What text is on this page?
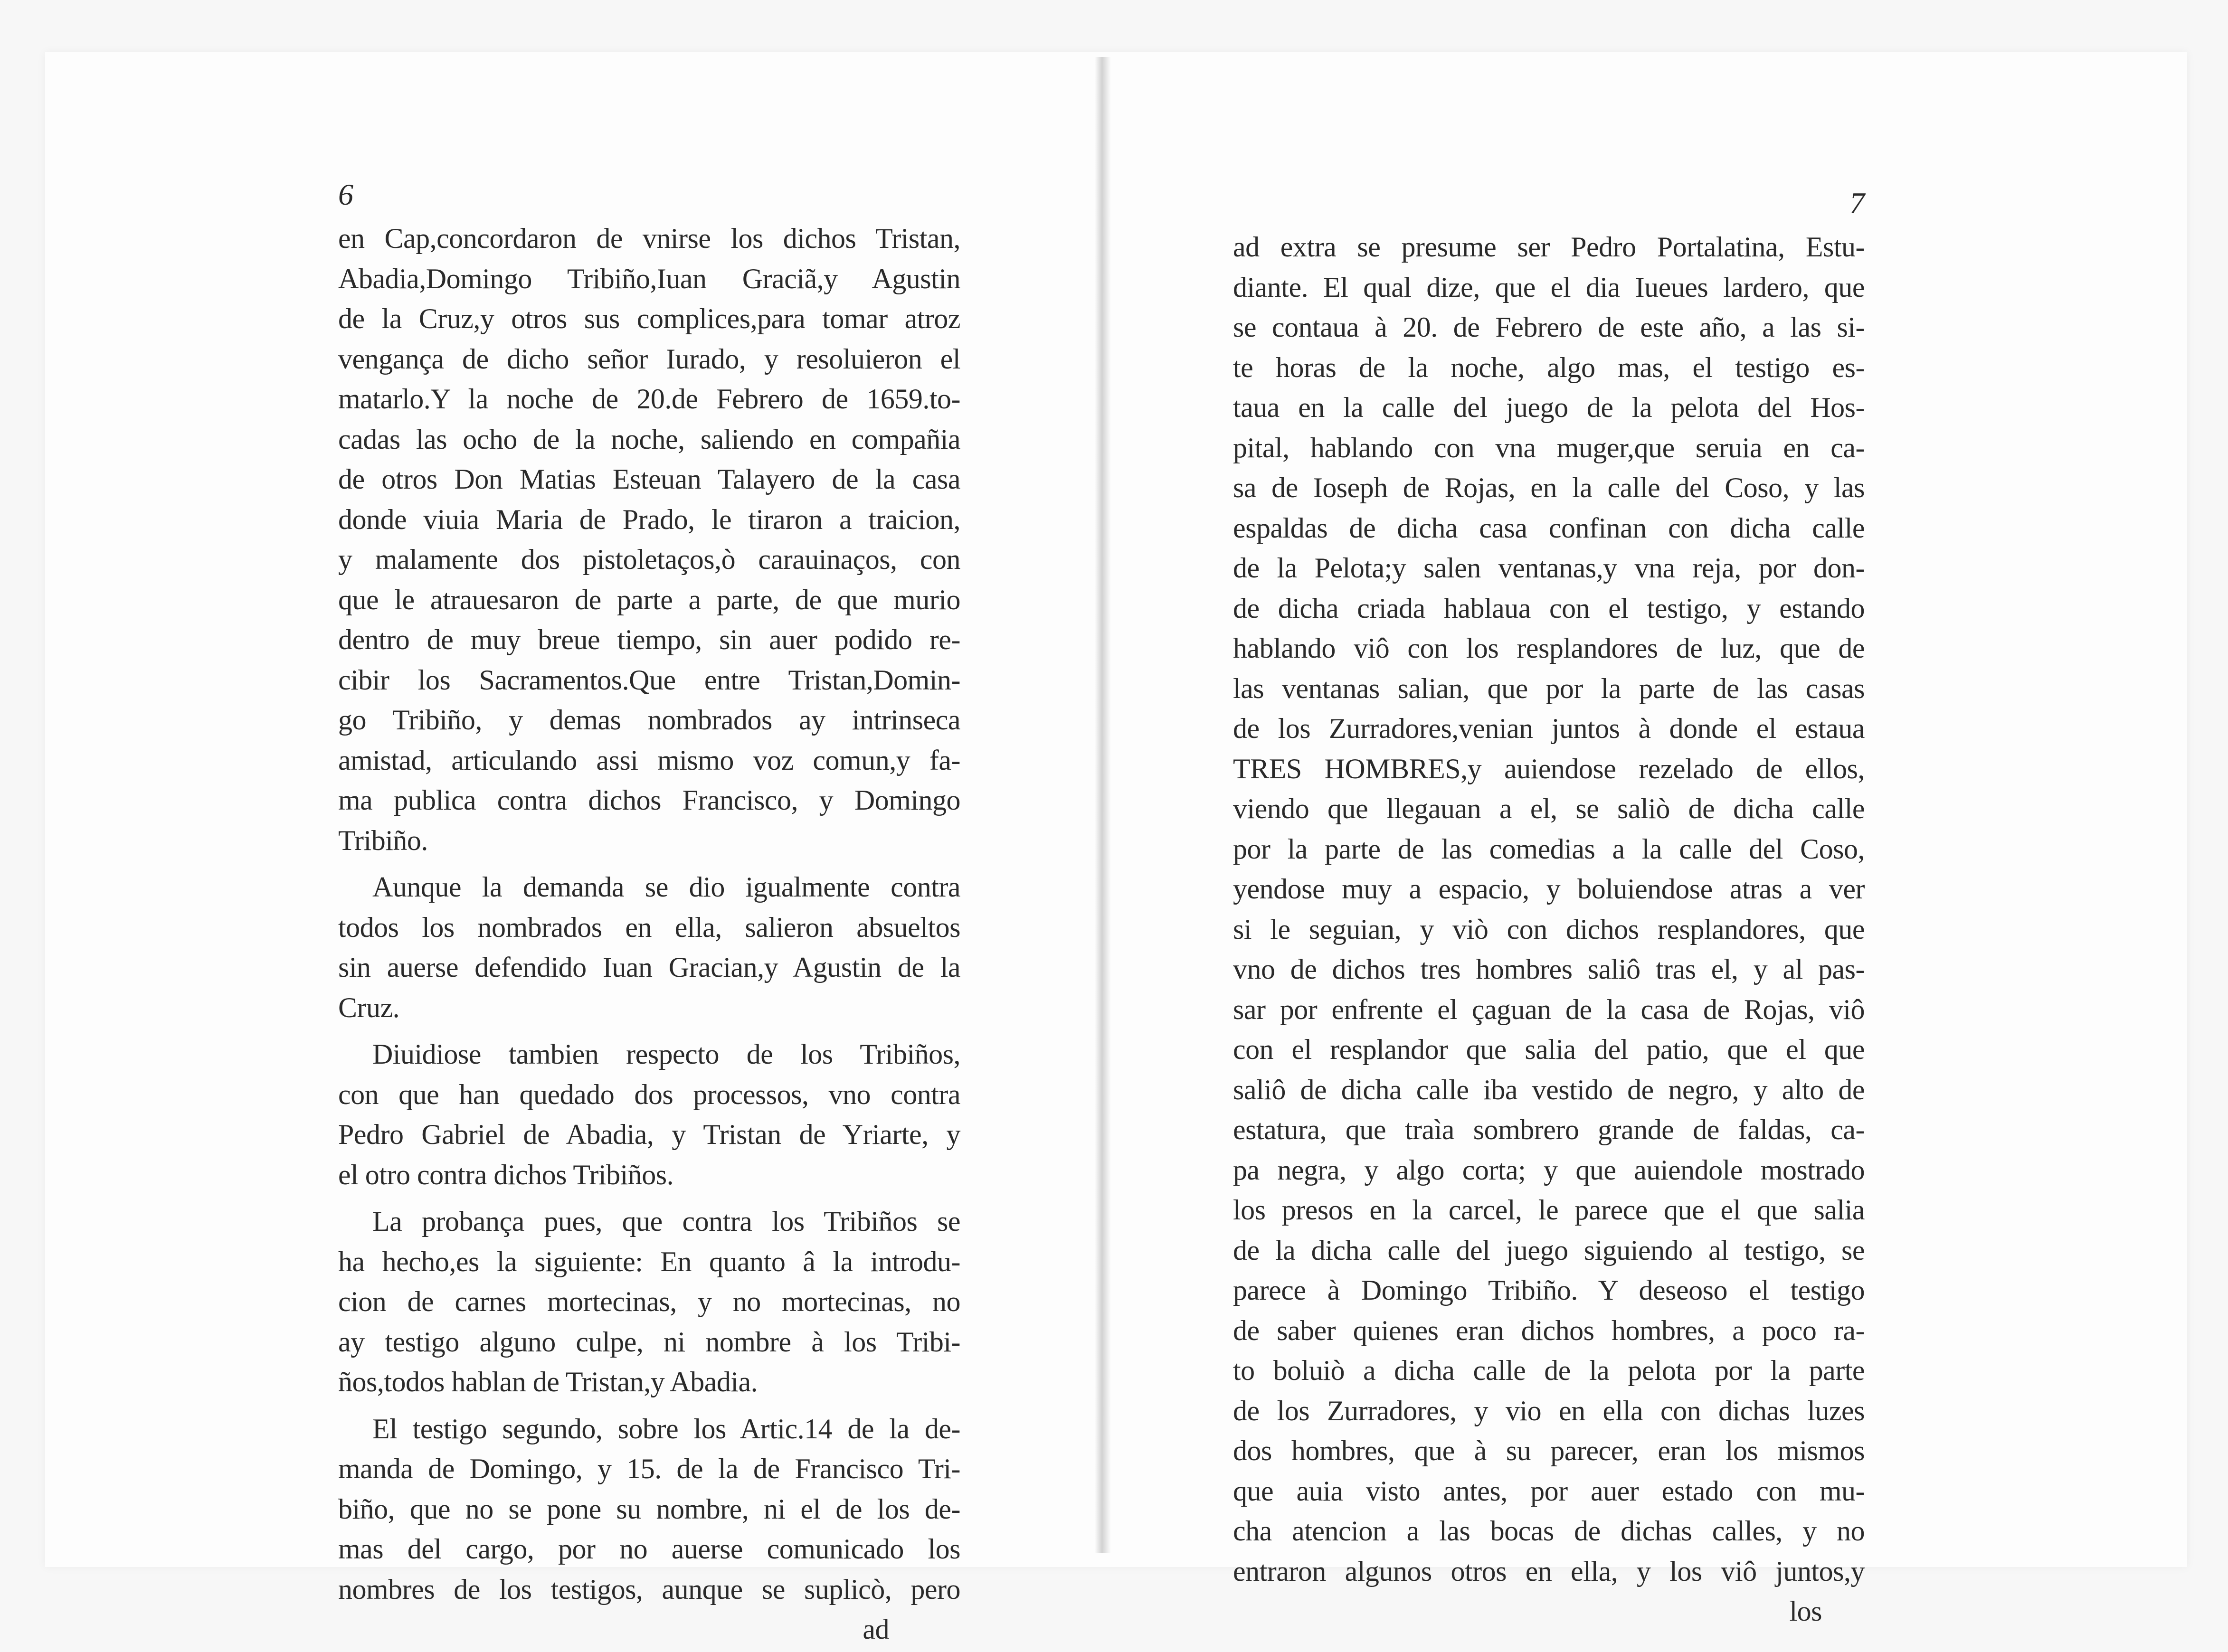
6
en Cap,concordaron de vnirse los dichos Tristan,
Abadia,Domingo Tribiño,Iuan Graciã,y Agustin
de la Cruz,y otros sus complices,para tomar atroz
vengança de dicho señor Iurado, y resoluieron el
matarlo.Y la noche de 20.de Febrero de 1659.to-
cadas las ocho de la noche, saliendo en compañia
de otros Don Matias Esteuan Talayero de la casa
donde viuia Maria de Prado, le tiraron a traicion,
y malamente dos pistoletaços,ò carauinaços, con
que le atrauesaron de parte a parte, de que murio
dentro de muy breue tiempo, sin auer podido re-
cibir los Sacramentos.Que entre Tristan,Domin-
go Tribiño, y demas nombrados ay intrinseca
amistad, articulando assi mismo voz comun,y fa-
ma publica contra dichos Francisco, y Domingo
Tribiño.
Aunque la demanda se dio igualmente contra
todos los nombrados en ella, salieron absueltos
sin auerse defendido Iuan Gracian,y Agustin de la
Cruz.
Diuidiose tambien respecto de los Tribiños,
con que han quedado dos processos, vno contra
Pedro Gabriel de Abadia, y Tristan de Yriarte, y
el otro contra dichos Tribiños.
La probança pues, que contra los Tribiños se
ha hecho,es la siguiente: En quanto â la introdu-
cion de carnes mortecinas, y no mortecinas, no
ay testigo alguno culpe, ni nombre à los Tribi-
ños,todos hablan de Tristan,y Abadia.
El testigo segundo, sobre los Artic.14 de la de-
manda de Domingo, y 15. de la de Francisco Tri-
biño, que no se pone su nombre, ni el de los de-
mas del cargo, por no auerse comunicado los
nombres de los testigos, aunque se suplicò, pero
ad
7
ad extra se presume ser Pedro Portalatina, Estu-
diante. El qual dize, que el dia Iueues lardero, que
se contaua à 20. de Febrero de este año, a las si-
te horas de la noche, algo mas, el testigo es-
taua en la calle del juego de la pelota del Hos-
pital, hablando con vna muger,que seruia en ca-
sa de Ioseph de Rojas, en la calle del Coso, y las
espaldas de dicha casa confinan con dicha calle
de la Pelota;y salen ventanas,y vna reja, por don-
de dicha criada hablaua con el testigo, y estando
hablando viô con los resplandores de luz, que de
las ventanas salian, que por la parte de las casas
de los Zurradores,venian juntos à donde el estaua
TRES HOMBRES,y auiendose rezelado de ellos,
viendo que llegauan a el, se saliò de dicha calle
por la parte de las comedias a la calle del Coso,
yendose muy a espacio, y boluiendose atras a ver
si le seguian, y viò con dichos resplandores, que
vno de dichos tres hombres saliô tras el, y al pas-
sar por enfrente el çaguan de la casa de Rojas, viô
con el resplandor que salia del patio, que el que
saliô de dicha calle iba vestido de negro, y alto de
estatura, que traìa sombrero grande de faldas, ca-
pa negra, y algo corta; y que auiendole mostrado
los presos en la carcel, le parece que el que salia
de la dicha calle del juego siguiendo al testigo, se
parece à Domingo Tribiño. Y deseoso el testigo
de saber quienes eran dichos hombres, a poco ra-
to boluiò a dicha calle de la pelota por la parte
de los Zurradores, y vio en ella con dichas luzes
dos hombres, que à su parecer, eran los mismos
que auia visto antes, por auer estado con mu-
cha atencion a las bocas de dichas calles, y no
entraron algunos otros en ella, y los viô juntos,y
los
